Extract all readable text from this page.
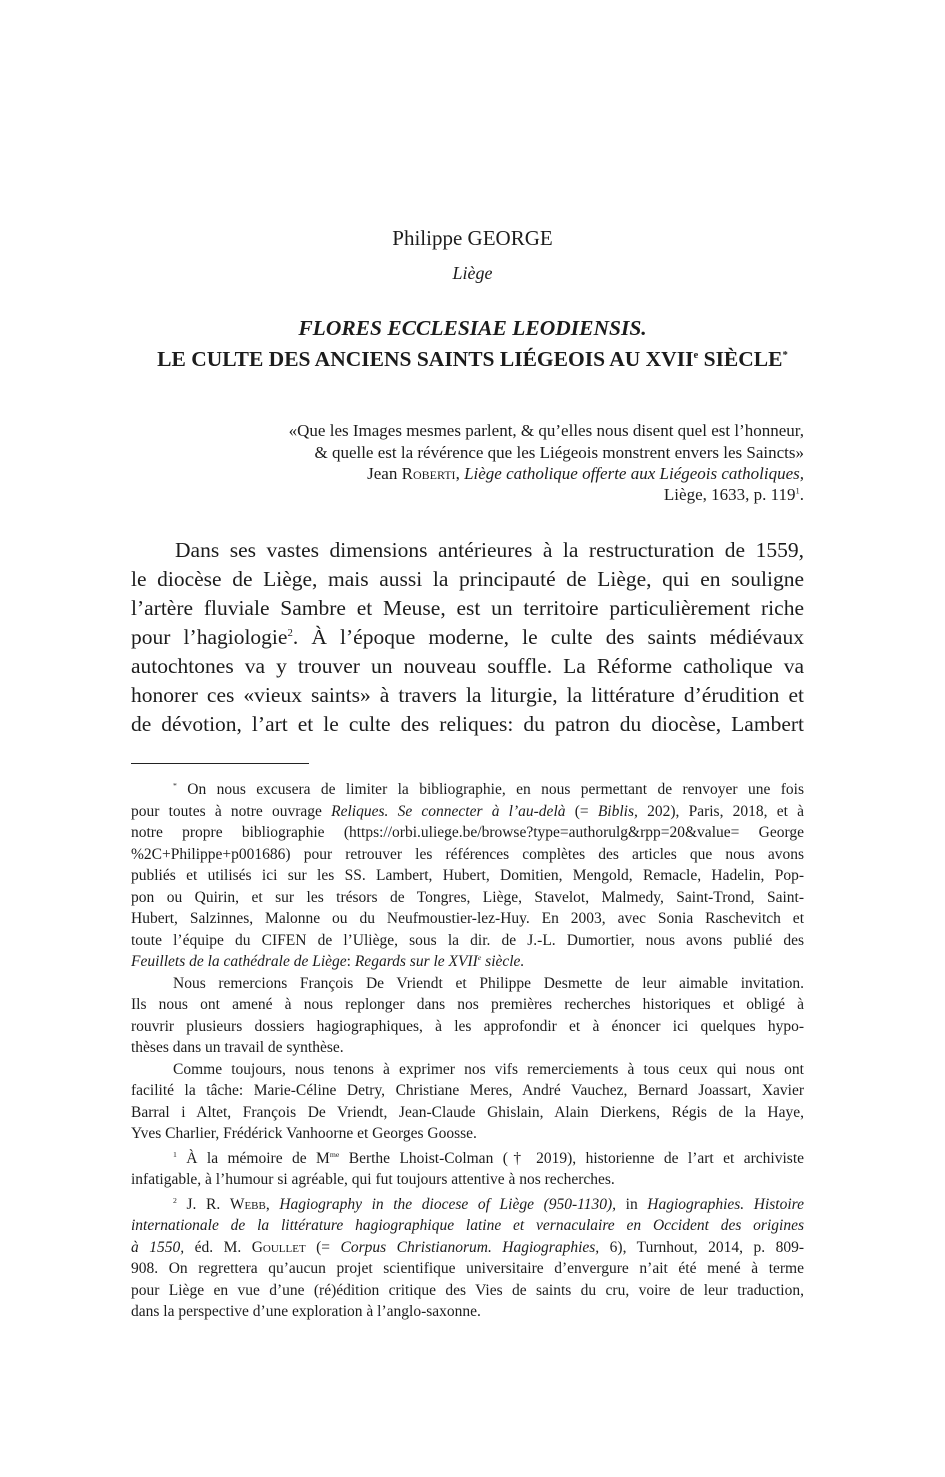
Philippe GEORGE
Liège
FLORES ECCLESIAE LEODIENSIS.
LE CULTE DES ANCIENS SAINTS LIÉGEOIS AU XVIIe SIÈCLE*
«Que les Images mesmes parlent, & qu’elles nous disent quel est l’honneur,
& quelle est la révérence que les Liégeois monstrent envers les Saincts»
Jean Roberti, Liège catholique offerte aux Liégeois catholiques,
Liège, 1633, p. $119^1$.
Dans ses vastes dimensions antérieures à la restructuration de 1559,
le diocèse de Liège, mais aussi la principauté de Liège, qui en souligne
l’artère fluviale Sambre et Meuse, est un territoire particulièrement riche
pour l’hagiologie$^2$. À l’époque moderne, le culte des saints médiévaux
autochtones va y trouver un nouveau souffle. La Réforme catholique va
honorer ces «vieux saints» à travers la liturgie, la littérature d’érudition et
de dévotion, l’art et le culte des reliques: du patron du diocèse, Lambert
* On nous excusera de limiter la bibliographie, en nous permettant de renvoyer une fois
pour toutes à notre ouvrage Reliques. Se connecter à l’au-delà (= Biblis, 202), Paris, 2018, et à
notre propre bibliographie (https://orbi.uliege.be/browse?type=authorulg&rpp=20&value= George
%2C+Philippe+p001686) pour retrouver les références complètes des articles que nous avons
publiés et utilisés ici sur les SS. Lambert, Hubert, Domitien, Mengold, Remacle, Hadelin, Pop-
pon ou Quirin, et sur les trésors de Tongres, Liège, Stavelot, Malmedy, Saint-Trond, Saint-
Hubert, Salzinnes, Malonne ou du Neufmoustier-lez-Huy. En 2003, avec Sonia Raschevitch et
toute l’équipe du CIFEN de l’Uliège, sous la dir. de J.-L. Dumortier, nous avons publié des
Feuillets de la cathédrale de Liège: Regards sur le XVIIe siècle.
Nous remercions François De Vriendt et Philippe Desmette de leur aimable invitation.
Ils nous ont amené à nous replonger dans nos premières recherches historiques et obligé à
rouvrir plusieurs dossiers hagiographiques, à les approfondir et à énoncer ici quelques hypo-
thèses dans un travail de synthèse.
Comme toujours, nous tenons à exprimer nos vifs remerciements à tous ceux qui nous ont
facilité la tâche: Marie-Céline Detry, Christiane Meres, André Vauchez, Bernard Joassart, Xavier
Barral i Altet, François De Vriendt, Jean-Claude Ghislain, Alain Dierkens, Régis de la Haye,
Yves Charlier, Frédérick Vanhoorne et Georges Goosse.
$^1$ À la mémoire de $M^{me}$ Berthe Lhoist-Colman († 2019), historienne de l’art et archiviste
infatigable, à l’humour si agréable, qui fut toujours attentive à nos recherches.
$^2$ J. R. Webb, Hagiography in the diocese of Liège (950-1130), in Hagiographies. Histoire
internationale de la littérature hagiographique latine et vernaculaire en Occident des origines
à 1550, éd. M. Goullet (= Corpus Christianorum. Hagiographies, 6), Turnhout, 2014, p. 809-
908. On regrettera qu’aucun projet scientifique universitaire d’envergure n’ait été mené à terme
pour Liège en vue d’une (ré)édition critique des Vies de saints du cru, voire de leur traduction,
dans la perspective d’une exploration à l’anglo-saxonne.
